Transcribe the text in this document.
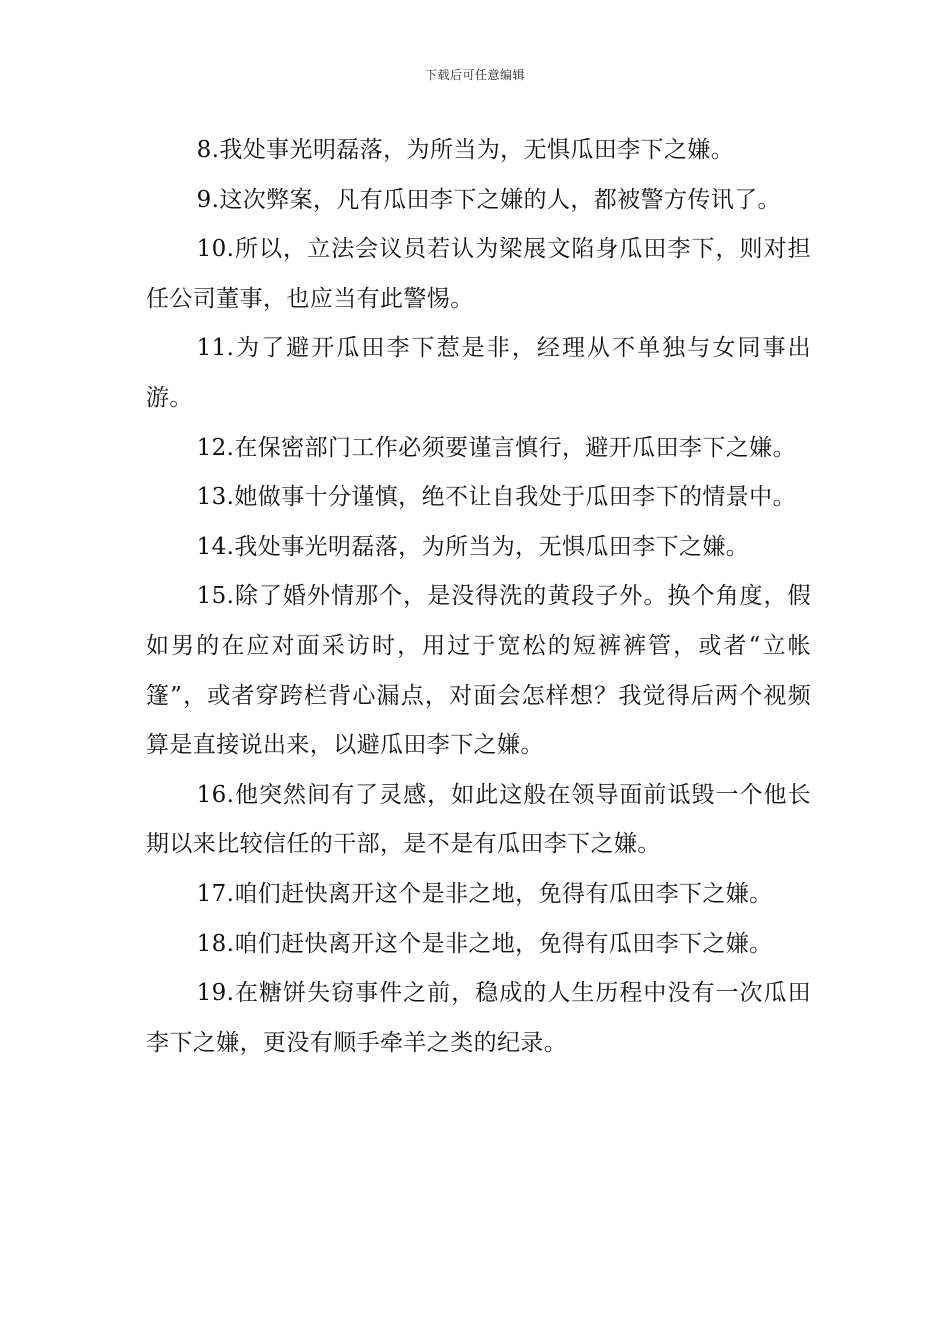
下载后可任意编辑

8.我处事光明磊落，为所当为，无惧瓜田李下之嫌。

9.这次弊案，凡有瓜田李下之嫌的人，都被警方传讯了。

10.所以，立法会议员若认为梁展文陷身瓜田李下，则对担任公司董事，也应当有此警惕。

11.为了避开瓜田李下惹是非，经理从不单独与女同事出游。

12.在保密部门工作必须要谨言慎行，避开瓜田李下之嫌。

13.她做事十分谨慎，绝不让自我处于瓜田李下的情景中。

14.我处事光明磊落，为所当为，无惧瓜田李下之嫌。

15.除了婚外情那个，是没得洗的黄段子外。换个角度，假如男的在应对面采访时，用过于宽松的短裤裤管，或者“立帐篷”，或者穿跨栏背心漏点，对面会怎样想？我觉得后两个视频算是直接说出来，以避瓜田李下之嫌。

16.他突然间有了灵感，如此这般在领导面前诋毁一个他长期以来比较信任的干部，是不是有瓜田李下之嫌。

17.咱们赶快离开这个是非之地，免得有瓜田李下之嫌。

18.咱们赶快离开这个是非之地，免得有瓜田李下之嫌。

19.在糖饼失窃事件之前，稳成的人生历程中没有一次瓜田李下之嫌，更没有顺手牵羊之类的纪录。
